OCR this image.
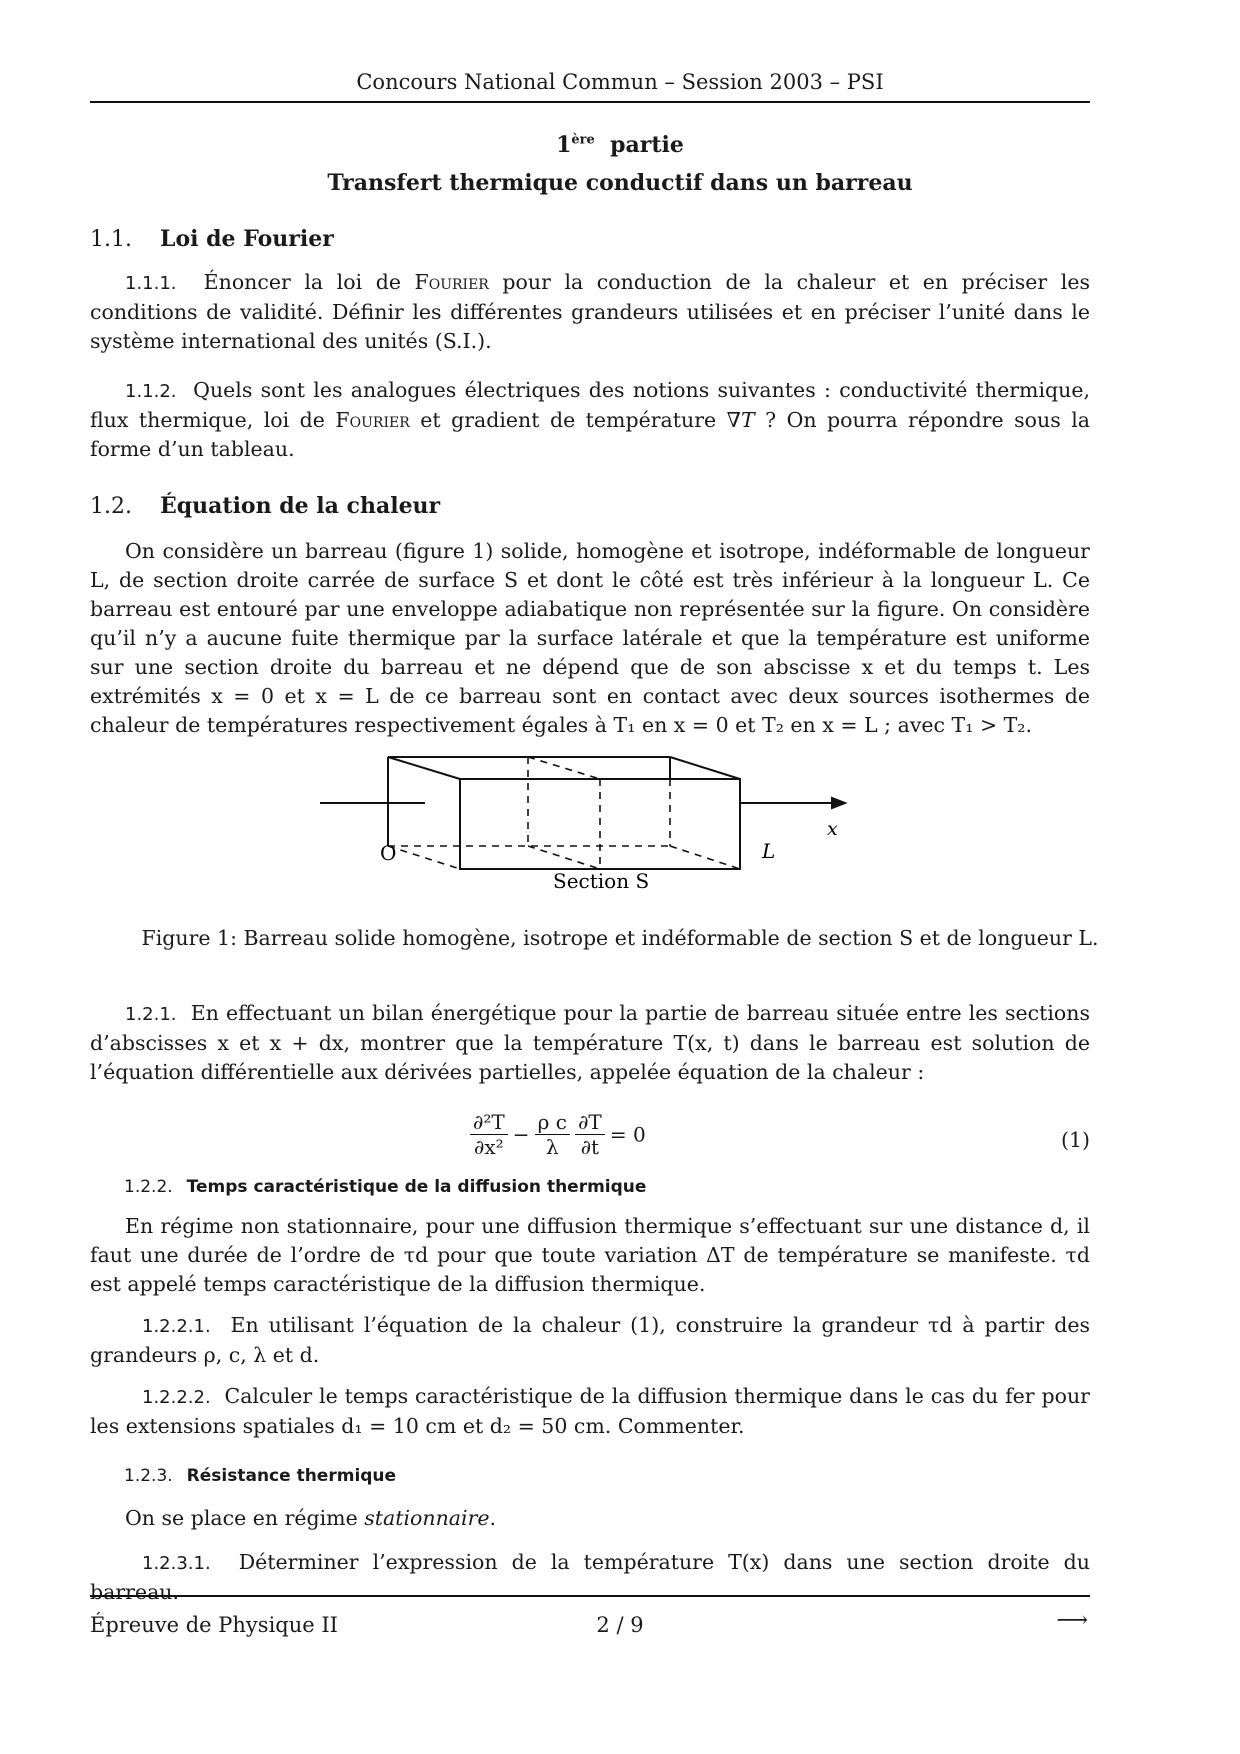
Concours National Commun – Session 2003 – PSI
1ère partie
Transfert thermique conductif dans un barreau
1.1. Loi de Fourier
1.1.1. Énoncer la loi de Fourier pour la conduction de la chaleur et en préciser les conditions de validité. Définir les différentes grandeurs utilisées et en préciser l’unité dans le système international des unités (S.I.).
1.1.2. Quels sont les analogues électriques des notions suivantes : conductivité thermique, flux thermique, loi de Fourier et gradient de température ∇T ? On pourra répondre sous la forme d’un tableau.
1.2. Équation de la chaleur
On considère un barreau (figure 1) solide, homogène et isotrope, indéformable de longueur L, de section droite carrée de surface S et dont le côté est très inférieur à la longueur L. Ce barreau est entouré par une enveloppe adiabatique non représentée sur la figure. On considère qu’il n’y a aucune fuite thermique par la surface latérale et que la température est uniforme sur une section droite du barreau et ne dépend que de son abscisse x et du temps t. Les extrémités x = 0 et x = L de ce barreau sont en contact avec deux sources isothermes de chaleur de températures respectivement égales à T₁ en x = 0 et T₂ en x = L ; avec T₁ > T₂.
O	L
x
Section S
Figure 1: Barreau solide homogène, isotrope et indéformable de section S et de longueur L.
1.2.1. En effectuant un bilan énergétique pour la partie de barreau située entre les sections d’abscisses x et x + dx, montrer que la température T(x, t) dans le barreau est solution de l’équation différentielle aux dérivées partielles, appelée équation de la chaleur :
$\frac{\text{∂²T}}{\text{∂x²}} - \frac{\text{ρ c}}{\lambda}$
$\frac{\partial T}{\partial t} = 0$	(1)
1.2.2. Temps caractéristique de la diffusion thermique
En régime non stationnaire, pour une diffusion thermique s’effectuant sur une distance d, il faut une durée de l’ordre de τd pour que toute variation ΔT de température se manifeste. τd est appelé temps caractéristique de la diffusion thermique.
1.2.2.1. En utilisant l’équation de la chaleur (1), construire la grandeur τd à partir des grandeurs ρ, c, λ et d.
1.2.2.2. Calculer le temps caractéristique de la diffusion thermique dans le cas du fer pour les extensions spatiales d₁ = 10 cm et d₂ = 50 cm. Commenter.
1.2.3. Résistance thermique
On se place en régime stationnaire.
1.2.3.1. Déterminer l’expression de la température T(x) dans une section droite du barreau.
Épreuve de Physique II	2 / 9	⟶
